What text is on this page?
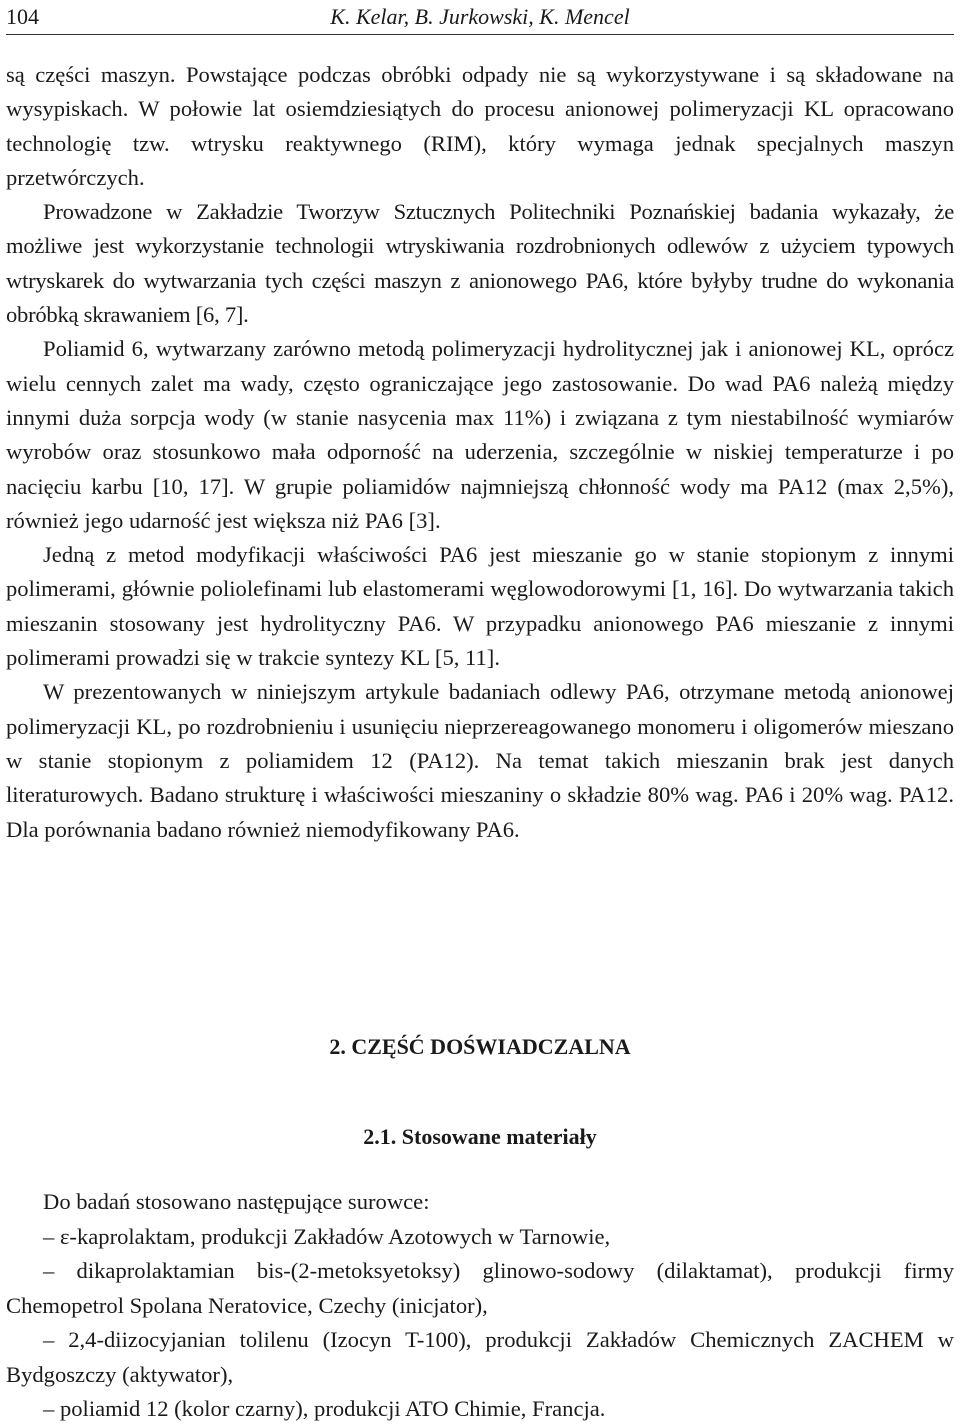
104	K. Kelar, B. Jurkowski, K. Mencel

są części maszyn. Powstające podczas obróbki odpady nie są wykorzystywane i są składowane na wysypiskach. W połowie lat osiemdziesiątych do procesu anionowej polimeryzacji KL opracowano technologię tzw. wtrysku reaktywnego (RIM), który wymaga jednak specjalnych maszyn przetwórczych.

Prowadzone w Zakładzie Tworzyw Sztucznych Politechniki Poznańskiej badania wykazały, że możliwe jest wykorzystanie technologii wtryskiwania rozdrobnionych odlewów z użyciem typowych wtryskarek do wytwarzania tych części maszyn z anionowego PA6, które byłyby trudne do wykonania obróbką skrawaniem [6, 7].

Poliamid 6, wytwarzany zarówno metodą polimeryzacji hydrolitycznej jak i anionowej KL, oprócz wielu cennych zalet ma wady, często ograniczające jego zastosowanie. Do wad PA6 należą między innymi duża sorpcja wody (w stanie nasycenia max 11%) i związana z tym niestabilność wymiarów wyrobów oraz stosunkowo mała odporność na uderzenia, szczególnie w niskiej temperaturze i po nacięciu karbu [10, 17]. W grupie poliamidów najmniejszą chłonność wody ma PA12 (max 2,5%), również jego udarność jest większa niż PA6 [3].

Jedną z metod modyfikacji właściwości PA6 jest mieszanie go w stanie stopionym z innymi polimerami, głównie poliolefinami lub elastomerami węglowodorowymi [1, 16]. Do wytwarzania takich mieszanin stosowany jest hydrolityczny PA6. W przypadku anionowego PA6 mieszanie z innymi polimerami prowadzi się w trakcie syntezy KL [5, 11].

W prezentowanych w niniejszym artykule badaniach odlewy PA6, otrzymane metodą anionowej polimeryzacji KL, po rozdrobnieniu i usunięciu nieprzereagowanego monomeru i oligomerów mieszano w stanie stopionym z poliamidem 12 (PA12). Na temat takich mieszanin brak jest danych literaturowych. Badano strukturę i właściwości mieszaniny o składzie 80% wag. PA6 i 20% wag. PA12. Dla porównania badano również niemodyfikowany PA6.

2. CZĘŚĆ DOŚWIADCZALNA
2.1. Stosowane materiały

Do badań stosowano następujące surowce:

– ε-kaprolaktam, produkcji Zakładów Azotowych w Tarnowie,

– dikaprolaktamian bis-(2-metoksyetoksy) glinowo-sodowy (dilaktamat), produkcji firmy Chemopetrol Spolana Neratovice, Czechy (inicjator),

– 2,4-diizocyjanian tolilenu (Izocyn T-100), produkcji Zakładów Chemicznych ZACHEM w Bydgoszczy (aktywator),

– poliamid 12 (kolor czarny), produkcji ATO Chimie, Francja.
